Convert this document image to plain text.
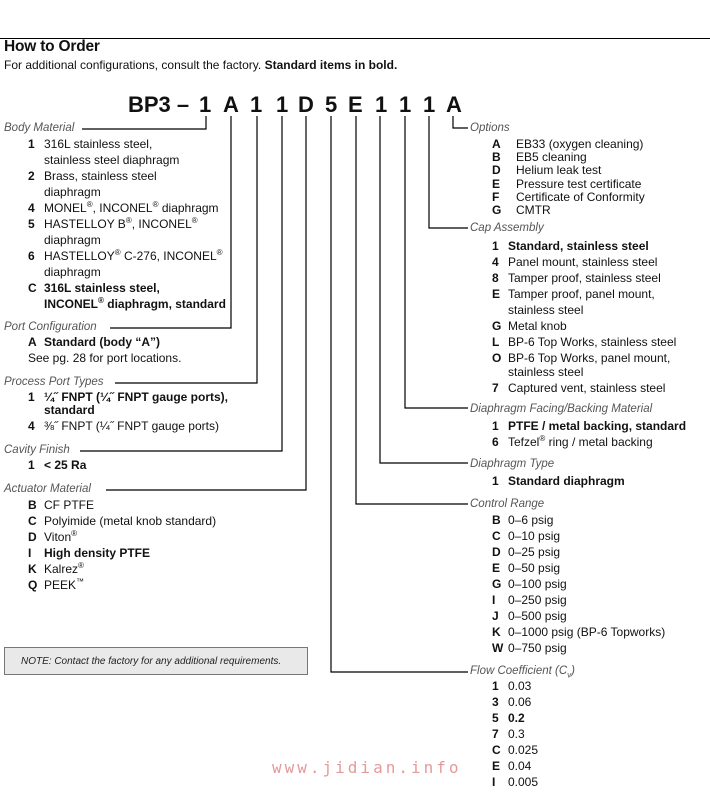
How to Order
For additional configurations, consult the factory. Standard items in bold.
BP3 – 1 A 1 1 D 5 E 1 1 1 A
Body Material
1 316L stainless steel,
stainless steel diaphragm
2 Brass, stainless steel
diaphragm
4 MONEL®, INCONEL® diaphragm
5 HASTELLOY B®, INCONEL®
diaphragm
6 HASTELLOY® C-276, INCONEL®
diaphragm
C 316L stainless steel,
INCONEL® diaphragm, standard
Port Configuration
A Standard (body “A”)
See pg. 28 for port locations.
Process Port Types
1 ¼˝ FNPT (¼˝ FNPT gauge ports),
standard
4 ⅜˝ FNPT (¼˝ FNPT gauge ports)
Cavity Finish
1 < 25 Ra
Actuator Material
B CF PTFE
C Polyimide (metal knob standard)
D Viton®
I High density PTFE
K Kalrez®
Q PEEK™
NOTE: Contact the factory for any additional requirements.
Options
A EB33 (oxygen cleaning)
B EB5 cleaning
D Helium leak test
E Pressure test certificate
F Certificate of Conformity
G CMTR
Cap Assembly
1 Standard, stainless steel
4 Panel mount, stainless steel
8 Tamper proof, stainless steel
E Tamper proof, panel mount,
stainless steel
G Metal knob
L BP-6 Top Works, stainless steel
O BP-6 Top Works, panel mount,
stainless steel
7 Captured vent, stainless steel
Diaphragm Facing/Backing Material
1 PTFE / metal backing, standard
6 Tefzel® ring / metal backing
Diaphragm Type
1 Standard diaphragm
Control Range
B 0–6 psig
C 0–10 psig
D 0–25 psig
E 0–50 psig
G 0–100 psig
I 0–250 psig
J 0–500 psig
K 0–1000 psig (BP-6 Topworks)
W 0–750 psig
Flow Coefficient $(C_v)$
1 0.03
3 0.06
5 0.2
7 0.3
C 0.025
E 0.04
I 0.005
www.jidian.info
